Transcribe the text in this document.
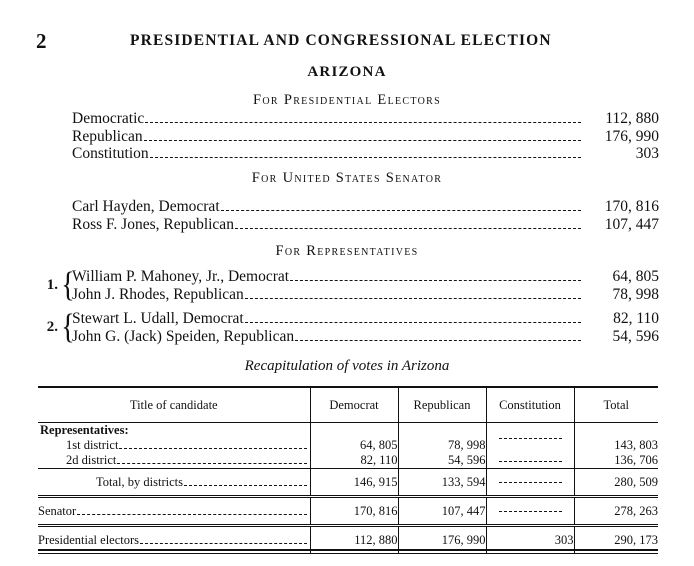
2	PRESIDENTIAL AND CONGRESSIONAL ELECTION
ARIZONA
For Presidential Electors
Democratic	112, 880
Republican	176, 990
Constitution	303
For United States Senator
Carl Hayden, Democrat	170, 816
Ross F. Jones, Republican	107, 447
For Representatives
1. {
William P. Mahoney, Jr., Democrat	64, 805
John J. Rhodes, Republican	78, 998
2. {
Stewart L. Udall, Democrat	82, 110
John G. (Jack) Speiden, Republican	54, 596
Recapitulation of votes in Arizona
Title of candidate	Democrat	Republican	Constitution	Total

Representatives:
1st district	64, 805	78, 998		143, 803

2d district	82, 110	54, 596		136, 706

Total, by districts	146, 915	133, 594		280, 509

Senator	170, 816	107, 447		278, 263

Presidential electors	112, 880	176, 990	303	290, 173
